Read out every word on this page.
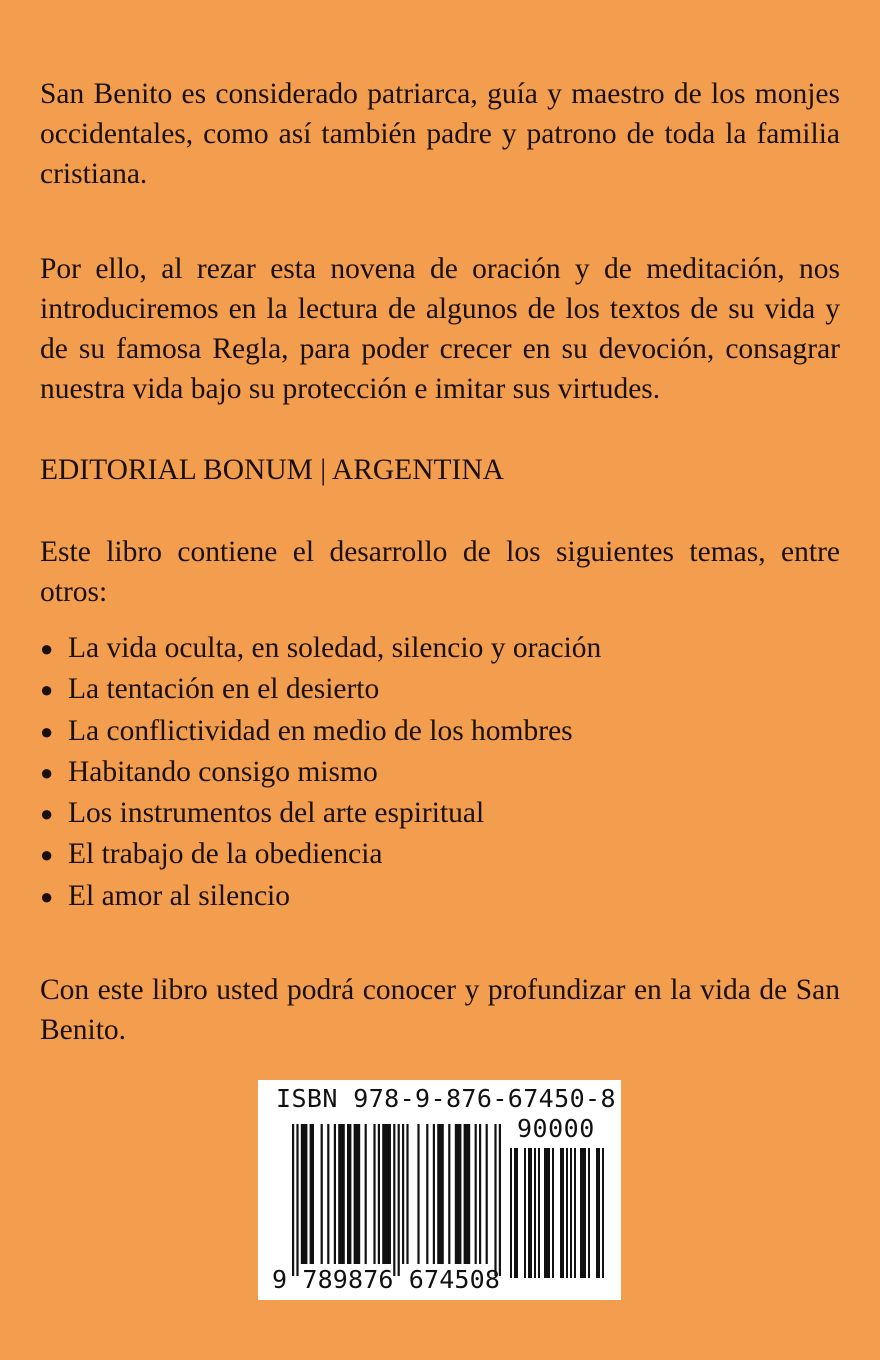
San Benito es considerado patriarca, guía y maestro de los monjes occidentales, como así también padre y patrono de toda la familia cristiana.

Por ello, al rezar esta novena de oración y de meditación, nos introduciremos en la lectura de algunos de los textos de su vida y de su famosa Regla, para poder crecer en su devoción, consagrar nuestra vida bajo su protección e imitar sus virtudes.

EDITORIAL BONUM | ARGENTINA

Este libro contiene el desarrollo de los siguientes temas, entre otros:

● La vida oculta, en soledad, silencio y oración
● La tentación en el desierto
● La conflictividad en medio de los hombres
● Habitando consigo mismo
● Los instrumentos del arte espiritual
● El trabajo de la obediencia
● El amor al silencio

Con este libro usted podrá conocer y profundizar en la vida de San Benito.

ISBN 978-9-876-67450-8
90000
9 789876 674508
